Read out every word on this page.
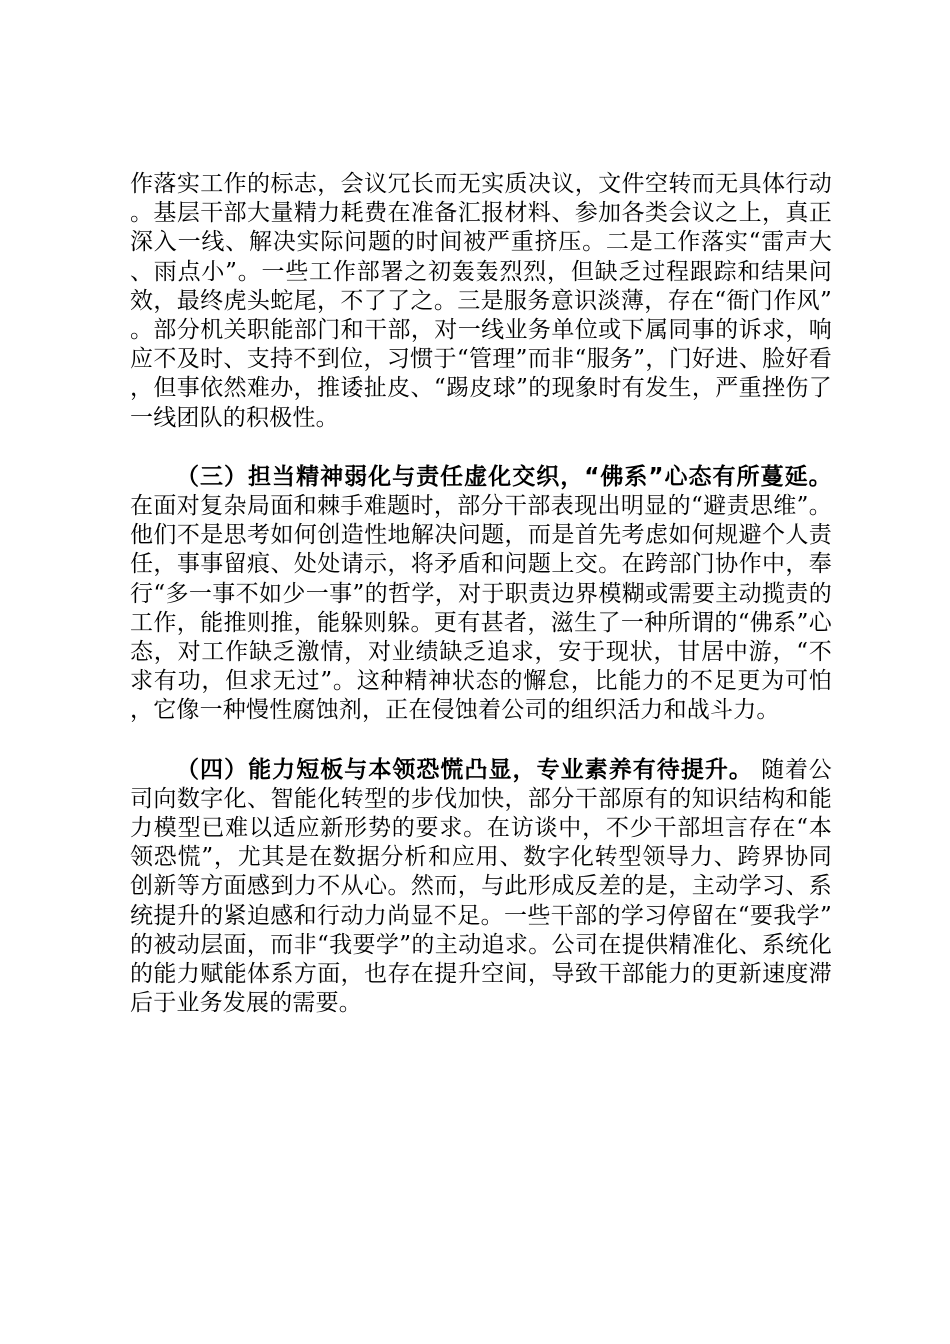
作落实工作的标志，会议冗长而无实质决议，文件空转而无具体行动。基层干部大量精力耗费在准备汇报材料、参加各类会议之上，真正深入一线、解决实际问题的时间被严重挤压。二是工作落实“雷声大、雨点小”。一些工作部署之初轰轰烈烈，但缺乏过程跟踪和结果问效，最终虎头蛇尾，不了了之。三是服务意识淡薄，存在“衙门作风”。部分机关职能部门和干部，对一线业务单位或下属同事的诉求，响应不及时、支持不到位，习惯于“管理”而非“服务”，门好进、脸好看，但事依然难办，推诿扯皮、“踢皮球”的现象时有发生，严重挫伤了一线团队的积极性。

（三）担当精神弱化与责任虚化交织，“佛系”心态有所蔓延。 在面对复杂局面和棘手难题时，部分干部表现出明显的“避责思维”。他们不是思考如何创造性地解决问题，而是首先考虑如何规避个人责任，事事留痕、处处请示，将矛盾和问题上交。在跨部门协作中，奉行“多一事不如少一事”的哲学，对于职责边界模糊或需要主动揽责的工作，能推则推，能躲则躲。更有甚者，滋生了一种所谓的“佛系”心态，对工作缺乏激情，对业绩缺乏追求，安于现状，甘居中游，“不求有功，但求无过”。这种精神状态的懈怠，比能力的不足更为可怕，它像一种慢性腐蚀剂，正在侵蚀着公司的组织活力和战斗力。

（四）能力短板与本领恐慌凸显，专业素养有待提升。 随着公司向数字化、智能化转型的步伐加快，部分干部原有的知识结构和能力模型已难以适应新形势的要求。在访谈中，不少干部坦言存在“本领恐慌”，尤其是在数据分析和应用、数字化转型领导力、跨界协同创新等方面感到力不从心。然而，与此形成反差的是，主动学习、系统提升的紧迫感和行动力尚显不足。一些干部的学习停留在“要我学”的被动层面，而非“我要学”的主动追求。公司在提供精准化、系统化的能力赋能体系方面，也存在提升空间，导致干部能力的更新速度滞后于业务发展的需要。
